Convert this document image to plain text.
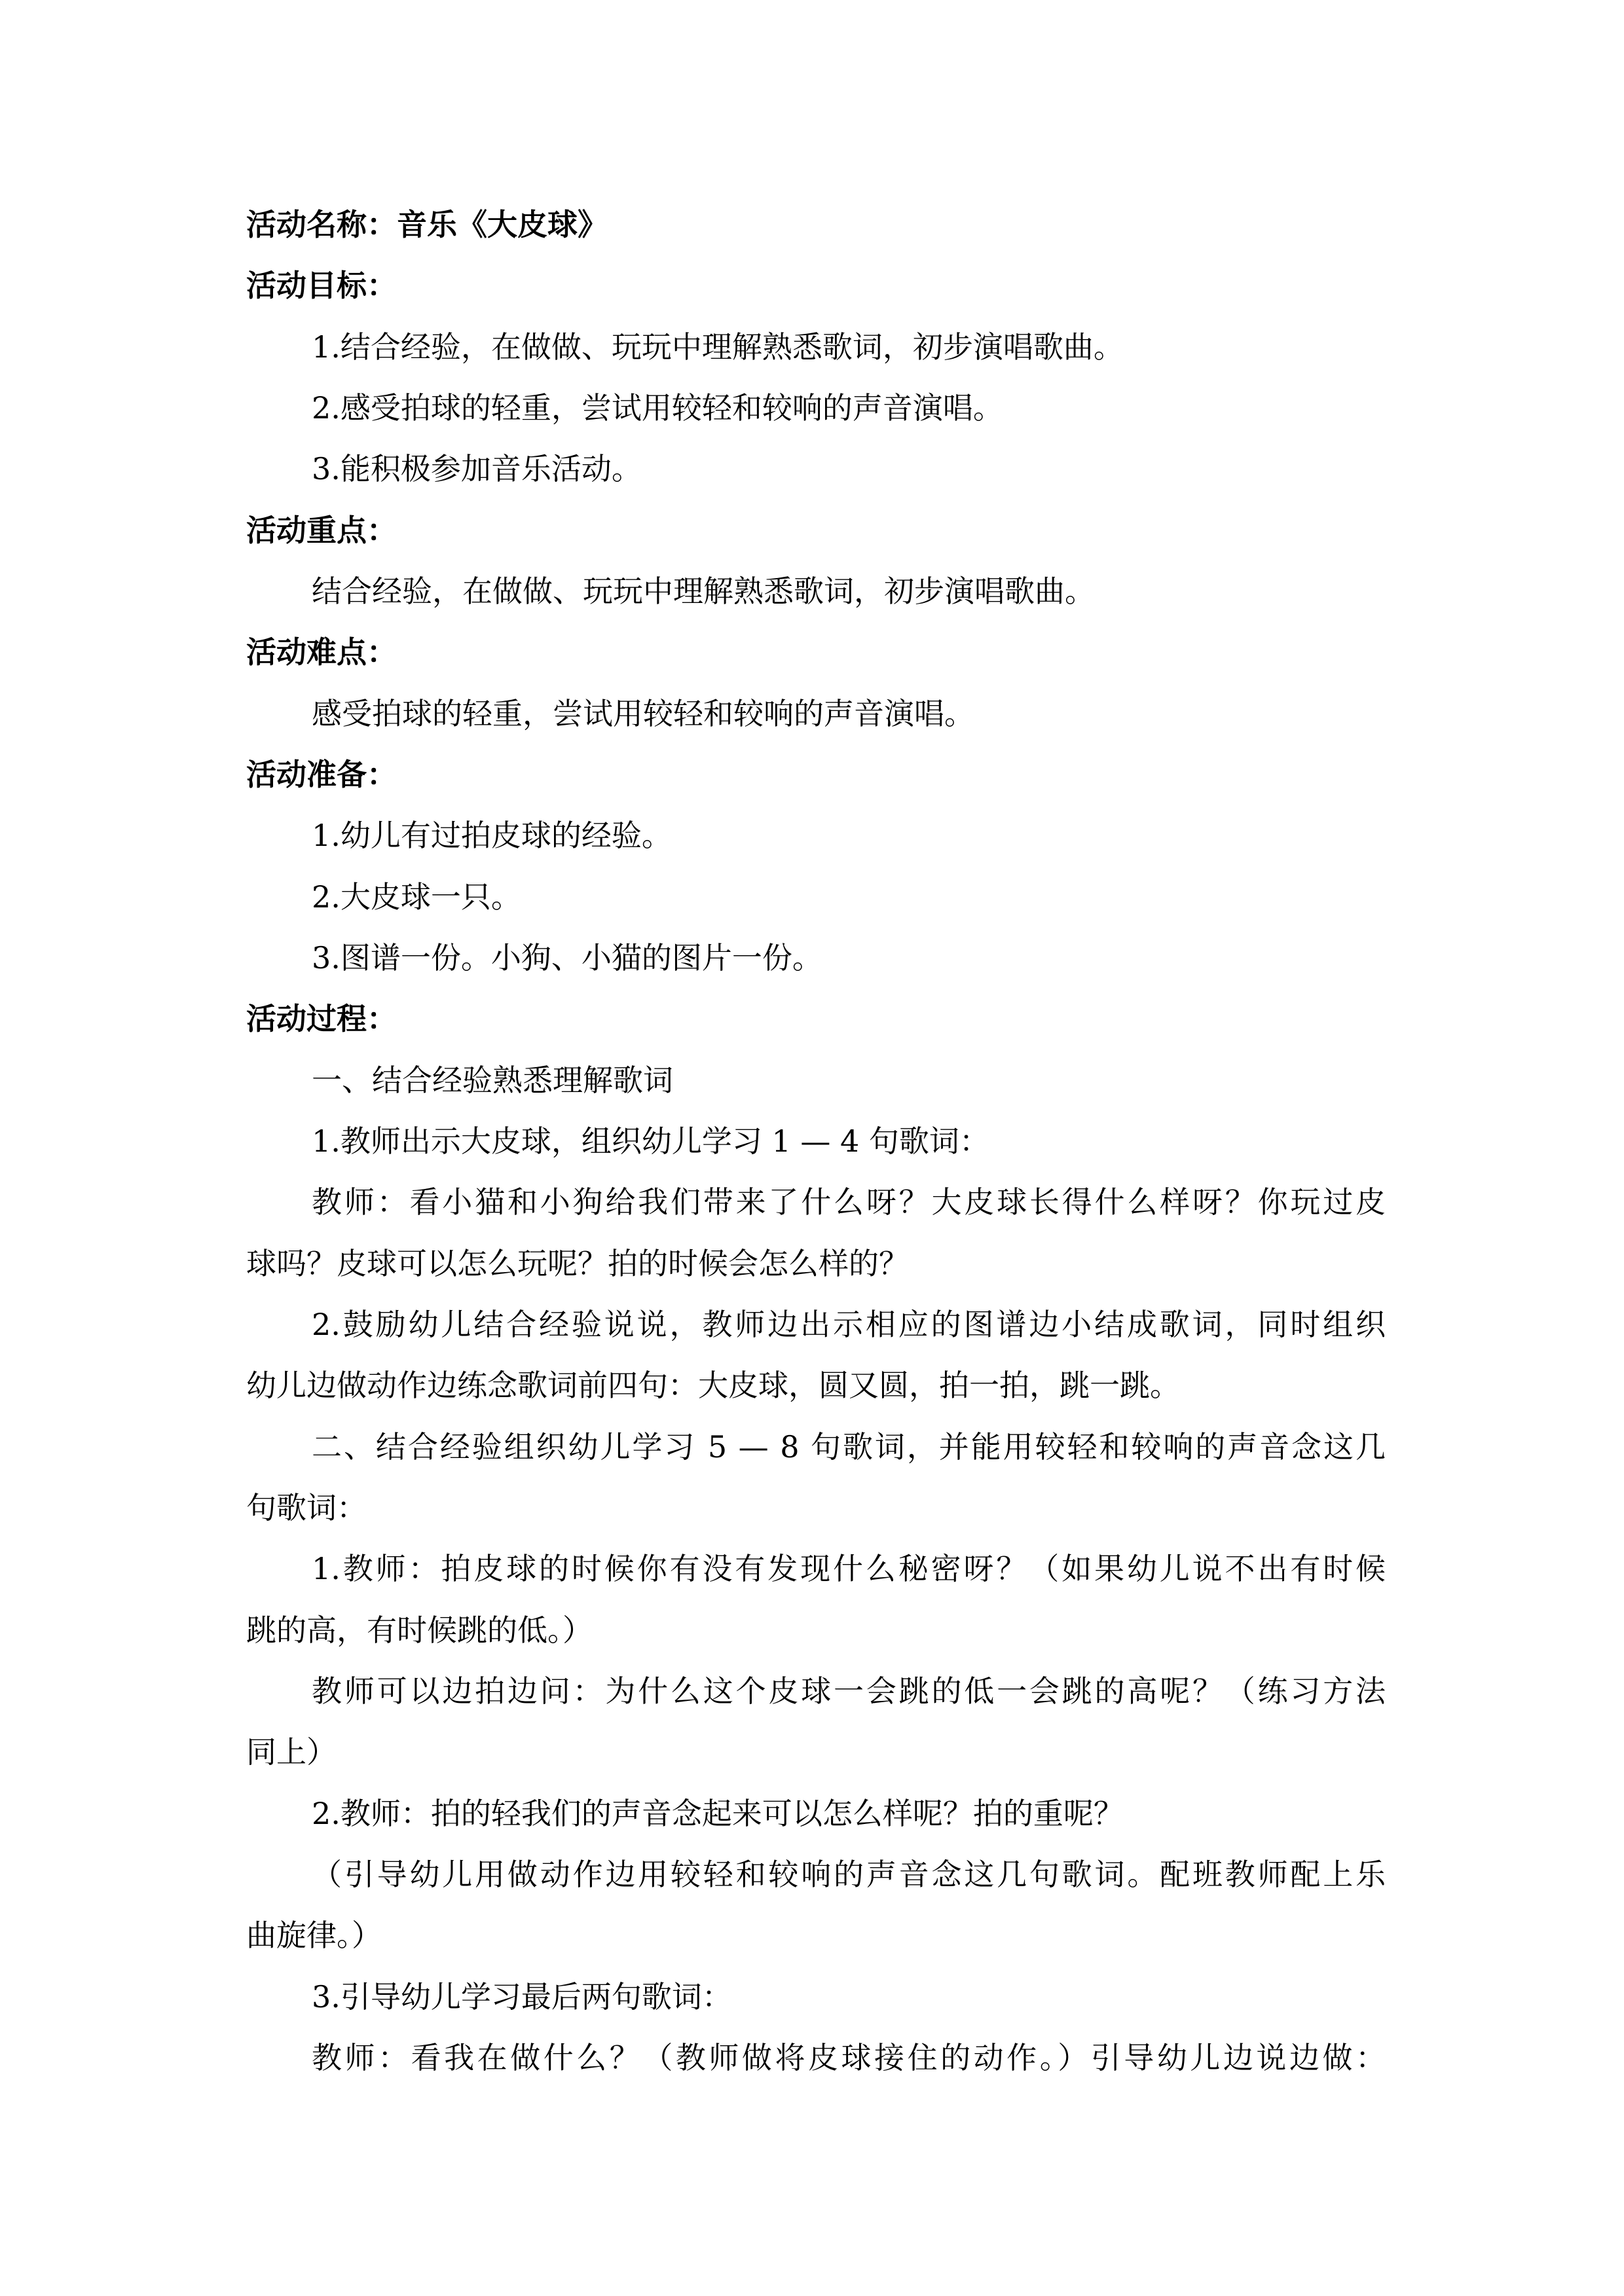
活动名称：音乐《大皮球》
活动目标：
1.结合经验，在做做、玩玩中理解熟悉歌词，初步演唱歌曲。
2.感受拍球的轻重，尝试用较轻和较响的声音演唱。
3.能积极参加音乐活动。
活动重点：
结合经验，在做做、玩玩中理解熟悉歌词，初步演唱歌曲。
活动难点：
感受拍球的轻重，尝试用较轻和较响的声音演唱。
活动准备：
1.幼儿有过拍皮球的经验。
2.大皮球一只。
3.图谱一份。小狗、小猫的图片一份。
活动过程：
一、结合经验熟悉理解歌词
1.教师出示大皮球，组织幼儿学习 1 — 4 句歌词：
教师：看小猫和小狗给我们带来了什么呀？大皮球长得什么样呀？你玩过皮
球吗？皮球可以怎么玩呢？拍的时候会怎么样的？
2.鼓励幼儿结合经验说说，教师边出示相应的图谱边小结成歌词，同时组织
幼儿边做动作边练念歌词前四句：大皮球，圆又圆，拍一拍，跳一跳。
二、结合经验组织幼儿学习 5 — 8 句歌词，并能用较轻和较响的声音念这几
句歌词：
1.教师：拍皮球的时候你有没有发现什么秘密呀？（如果幼儿说不出有时候
跳的高，有时候跳的低。）
教师可以边拍边问：为什么这个皮球一会跳的低一会跳的高呢？（练习方法
同上）
2.教师：拍的轻我们的声音念起来可以怎么样呢？拍的重呢？
（引导幼儿用做动作边用较轻和较响的声音念这几句歌词。配班教师配上乐
曲旋律。）
3.引导幼儿学习最后两句歌词：
教师：看我在做什么？（教师做将皮球接住的动作。）引导幼儿边说边做：
